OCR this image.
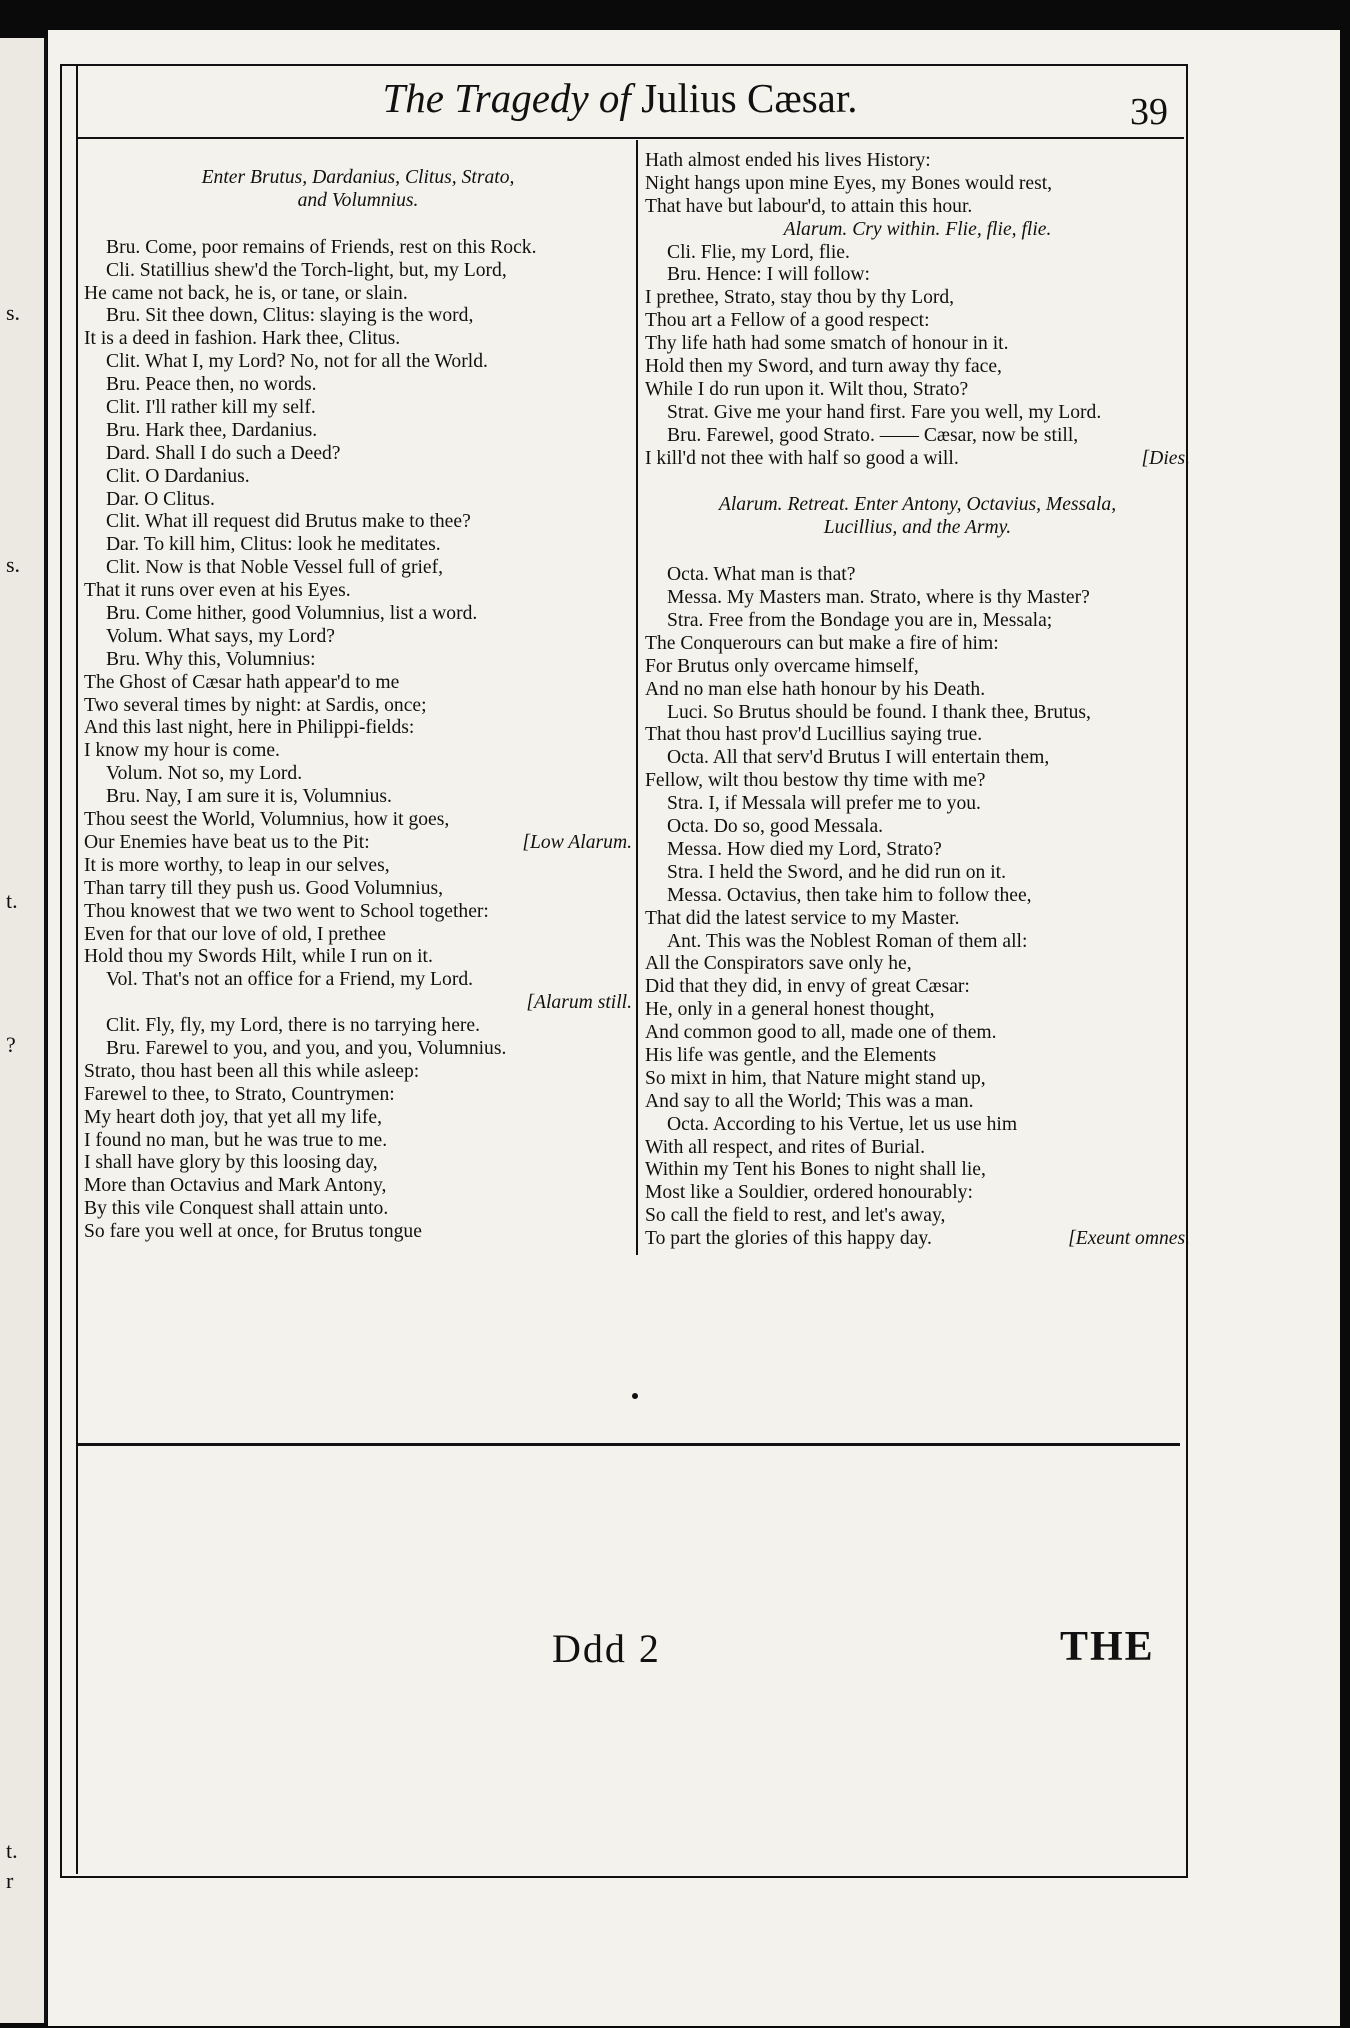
s.
s.
t.
?
t.
r
The Tragedy of Julius Cæsar.	39
Enter Brutus, Dardanius, Clitus, Strato,
and Volumnius.
Bru. Come, poor remains of Friends, rest on this Rock.
Cli. Statillius shew'd the Torch-light, but, my Lord,
He came not back, he is, or tane, or slain.
Bru. Sit thee down, Clitus: slaying is the word,
It is a deed in fashion. Hark thee, Clitus.
Clit. What I, my Lord? No, not for all the World.
Bru. Peace then, no words.
Clit. I'll rather kill my self.
Bru. Hark thee, Dardanius.
Dard. Shall I do such a Deed?
Clit. O Dardanius.
Dar. O Clitus.
Clit. What ill request did Brutus make to thee?
Dar. To kill him, Clitus: look he meditates.
Clit. Now is that Noble Vessel full of grief,
That it runs over even at his Eyes.
Bru. Come hither, good Volumnius, list a word.
Volum. What says, my Lord?
Bru. Why this, Volumnius:
The Ghost of Cæsar hath appear'd to me
Two several times by night: at Sardis, once;
And this last night, here in Philippi-fields:
I know my hour is come.
Volum. Not so, my Lord.
Bru. Nay, I am sure it is, Volumnius.
Thou seest the World, Volumnius, how it goes,
[Low Alarum.
Our Enemies have beat us to the Pit:
It is more worthy, to leap in our selves,
Than tarry till they push us. Good Volumnius,
Thou knowest that we two went to School together:
Even for that our love of old, I prethee
Hold thou my Swords Hilt, while I run on it.
Vol. That's not an office for a Friend, my Lord.
[Alarum still.
Clit. Fly, fly, my Lord, there is no tarrying here.
Bru. Farewel to you, and you, and you, Volumnius.
Strato, thou hast been all this while asleep:
Farewel to thee, to Strato, Countrymen:
My heart doth joy, that yet all my life,
I found no man, but he was true to me.
I shall have glory by this loosing day,
More than Octavius and Mark Antony,
By this vile Conquest shall attain unto.
So fare you well at once, for Brutus tongue
Hath almost ended his lives History:
Night hangs upon mine Eyes, my Bones would rest,
That have but labour'd, to attain this hour.
Alarum. Cry within. Flie, flie, flie.
Cli. Flie, my Lord, flie.
Bru. Hence: I will follow:
I prethee, Strato, stay thou by thy Lord,
Thou art a Fellow of a good respect:
Thy life hath had some smatch of honour in it.
Hold then my Sword, and turn away thy face,
While I do run upon it. Wilt thou, Strato?
Strat. Give me your hand first. Fare you well, my Lord.
Bru. Farewel, good Strato. —— Cæsar, now be still,
[Dies.
I kill'd not thee with half so good a will.
Alarum. Retreat. Enter Antony, Octavius, Messala,
Lucillius, and the Army.
Octa. What man is that?
Messa. My Masters man. Strato, where is thy Master?
Stra. Free from the Bondage you are in, Messala;
The Conquerours can but make a fire of him:
For Brutus only overcame himself,
And no man else hath honour by his Death.
Luci. So Brutus should be found. I thank thee, Brutus,
That thou hast prov'd Lucillius saying true.
Octa. All that serv'd Brutus I will entertain them,
Fellow, wilt thou bestow thy time with me?
Stra. I, if Messala will prefer me to you.
Octa. Do so, good Messala.
Messa. How died my Lord, Strato?
Stra. I held the Sword, and he did run on it.
Messa. Octavius, then take him to follow thee,
That did the latest service to my Master.
Ant. This was the Noblest Roman of them all:
All the Conspirators save only he,
Did that they did, in envy of great Cæsar:
He, only in a general honest thought,
And common good to all, made one of them.
His life was gentle, and the Elements
So mixt in him, that Nature might stand up,
And say to all the World; This was a man.
Octa. According to his Vertue, let us use him
With all respect, and rites of Burial.
Within my Tent his Bones to night shall lie,
Most like a Souldier, ordered honourably:
So call the field to rest, and let's away,
[Exeunt omnes.
To part the glories of this happy day.
Ddd 2	THE
